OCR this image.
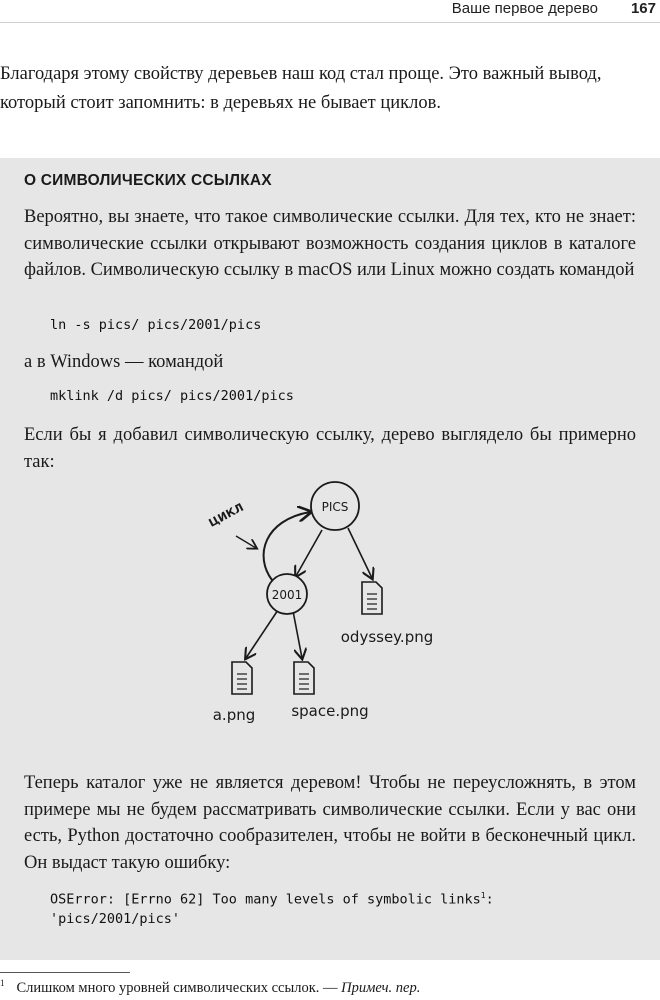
Ваше первое дерево 167

Благодаря этому свойству деревьев наш код стал проще. Это важный вывод, который стоит запомнить: в деревьях не бывает циклов.

О СИМВОЛИЧЕСКИХ ССЫЛКАХ

Вероятно, вы знаете, что такое символические ссылки. Для тех, кто не знает: символические ссылки открывают возможность создания циклов в каталоге файлов. Символическую ссылку в macOS или Linux можно создать командой

ln -s pics/ pics/2001/pics

а в Windows — командой

mklink /d pics/ pics/2001/pics

Если бы я добавил символическую ссылку, дерево выглядело бы примерно так:

ЦИКЛ	PICS
2001
odyssey.png
a.png space.png

Теперь каталог уже не является деревом! Чтобы не переусложнять, в этом примере мы не будем рассматривать символические ссылки. Если у вас они есть, Python достаточно сообразителен, чтобы не войти в бесконечный цикл. Он выдаст такую ошибку:

OSError: [Errno 62] Too many levels of symbolic links$^1$:
'pics/2001/pics'
$^1$ Слишком много уровней символических ссылок. — Примеч. пер.
